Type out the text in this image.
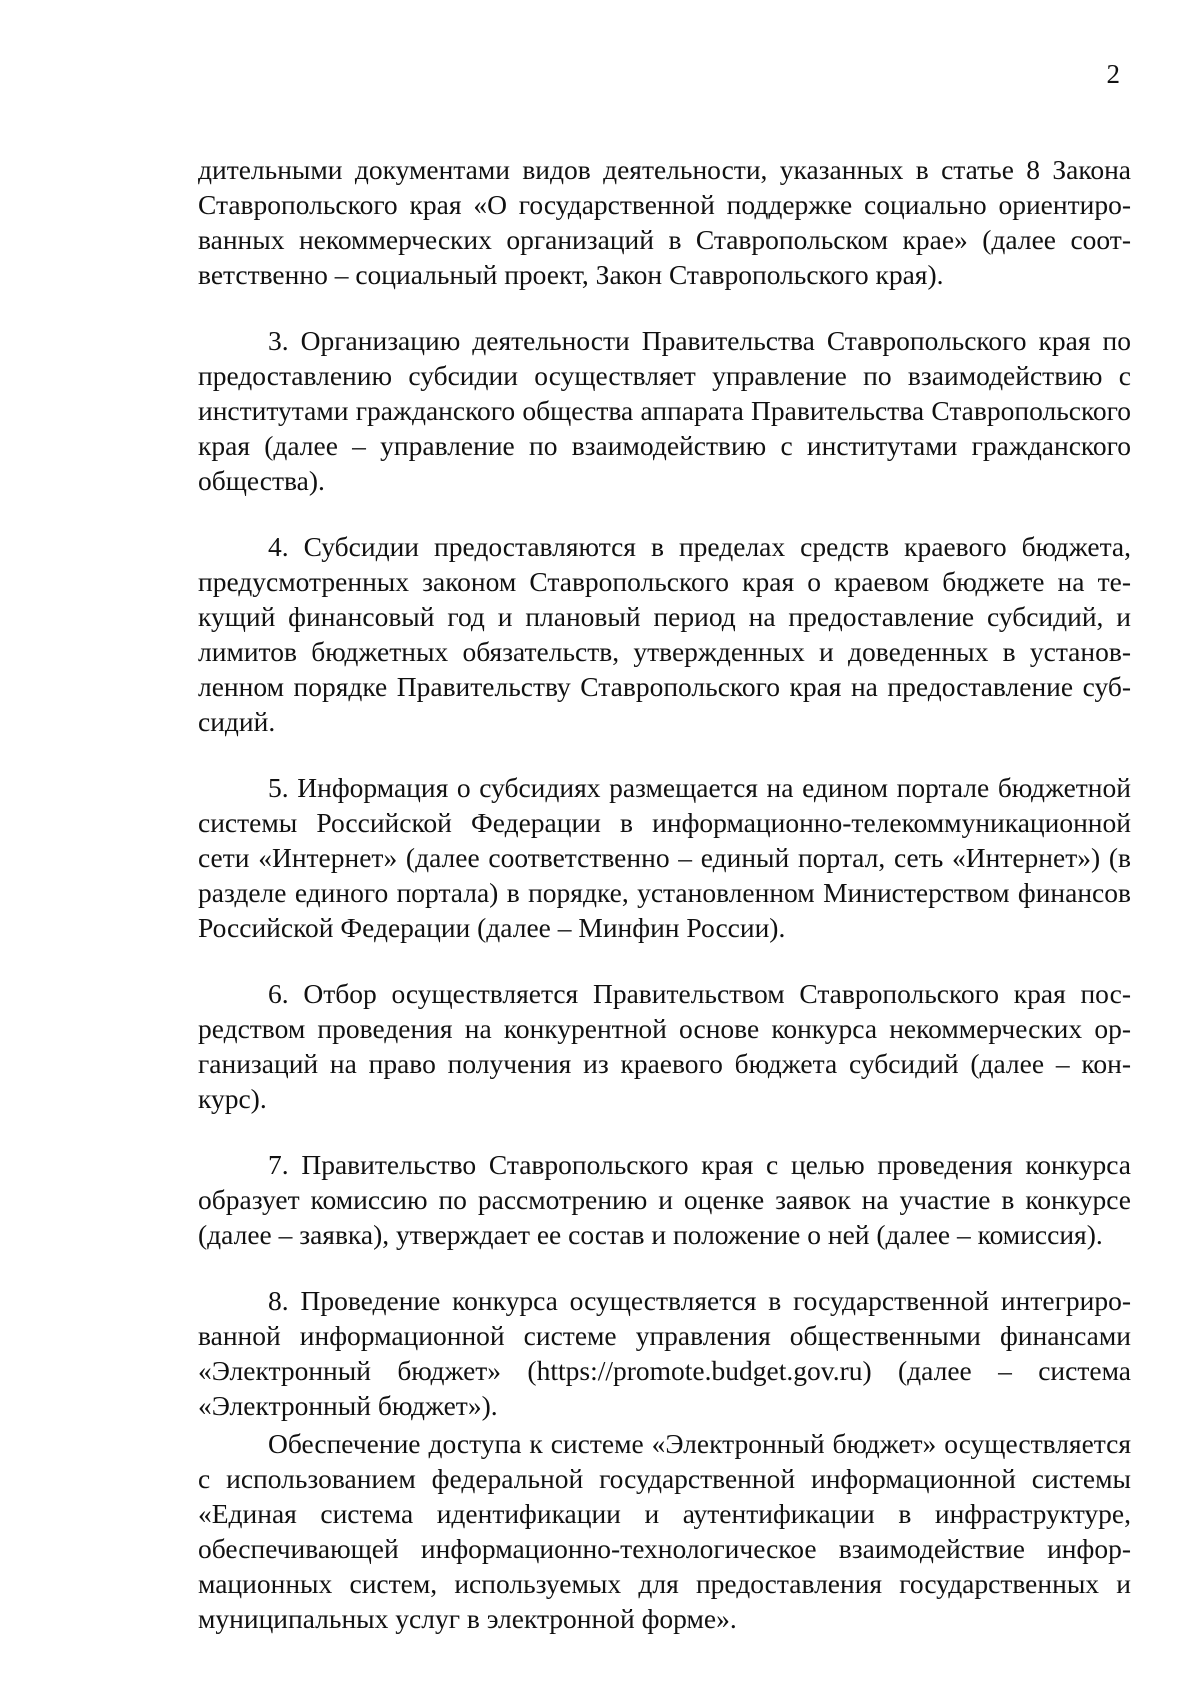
2

дительными документами видов деятельности, указанных в статье 8 Закона Ставропольского края «О государственной поддержке социально ориентированных некоммерческих организаций в Ставропольском крае» (далее соответственно – социальный проект, Закон Ставропольского края).

3. Организацию деятельности Правительства Ставропольского края по предоставлению субсидии осуществляет управление по взаимодействию с институтами гражданского общества аппарата Правительства Ставропольского края (далее – управление по взаимодействию с институтами гражданского общества).

4. Субсидии предоставляются в пределах средств краевого бюджета, предусмотренных законом Ставропольского края о краевом бюджете на текущий финансовый год и плановый период на предоставление субсидий, и лимитов бюджетных обязательств, утвержденных и доведенных в установленном порядке Правительству Ставропольского края на предоставление субсидий.

5. Информация о субсидиях размещается на едином портале бюджетной системы Российской Федерации в информационно-телекоммуникационной сети «Интернет» (далее соответственно – единый портал, сеть «Интернет») (в разделе единого портала) в порядке, установленном Министерством финансов Российской Федерации (далее – Минфин России).

6. Отбор осуществляется Правительством Ставропольского края посредством проведения на конкурентной основе конкурса некоммерческих организаций на право получения из краевого бюджета субсидий (далее – конкурс).

7. Правительство Ставропольского края с целью проведения конкурса образует комиссию по рассмотрению и оценке заявок на участие в конкурсе (далее – заявка), утверждает ее состав и положение о ней (далее – комиссия).

8. Проведение конкурса осуществляется в государственной интегрированной информационной системе управления общественными финансами «Электронный бюджет» (https://promote.budget.gov.ru) (далее – система «Электронный бюджет»).

Обеспечение доступа к системе «Электронный бюджет» осуществляется с использованием федеральной государственной информационной системы «Единая система идентификации и аутентификации в инфраструктуре, обеспечивающей информационно-технологическое взаимодействие информационных систем, используемых для предоставления государственных и муниципальных услуг в электронной форме».
